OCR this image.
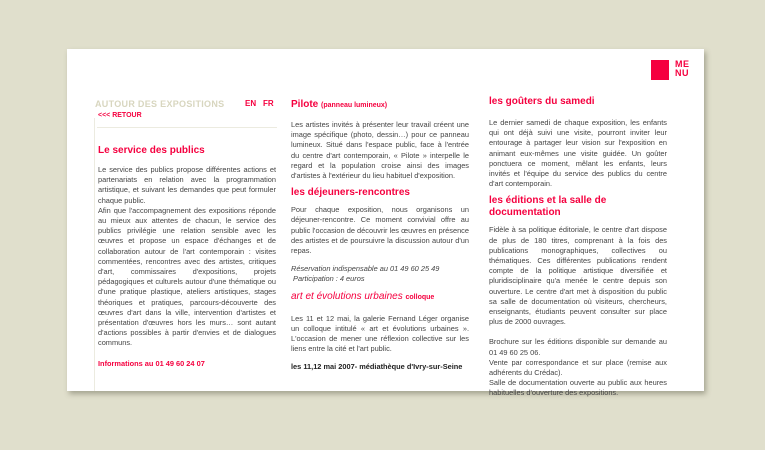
ME
NU
AUTOUR DES EXPOSITIONS	EN FR
<<< RETOUR

Le service des publics

Le service des publics propose différentes actions et partenariats en relation avec la programmation artistique, et suivant les demandes que peut formuler chaque public.

Afin que l'accompagnement des expositions réponde au mieux aux attentes de chacun, le service des publics privilégie une relation sensible avec les œuvres et propose un espace d'échanges et de collaboration autour de l'art contemporain : visites commentées, rencontres avec des artistes, critiques d'art, commissaires d'expositions, projets pédagogiques et culturels autour d'une thématique ou d'une pratique plastique, ateliers artistiques, stages théoriques et pratiques, parcours-découverte des œuvres d'art dans la ville, intervention d'artistes et présentation d'œuvres hors les murs… sont autant d'actions possibles à partir d'envies et de dialogues communs.

Informations au 01 49 60 24 07

Pilote (panneau lumineux)

Les artistes invités à présenter leur travail créent une image spécifique (photo, dessin…) pour ce panneau lumineux. Situé dans l'espace public, face à l'entrée du centre d'art contemporain, « Pilote » interpelle le regard et la population croise ainsi des images d'artistes à l'extérieur du lieu habituel d'exposition.

les déjeuners-rencontres

Pour chaque exposition, nous organisons un déjeuner-rencontre. Ce moment convivial offre au public l'occasion de découvrir les œuvres en présence des artistes et de poursuivre la discussion autour d'un repas.

Réservation indispensable au 01 49 60 25 49

Participation : 4 euros

art et évolutions urbaines colloque

Les 11 et 12 mai, la galerie Fernand Léger organise un colloque intitulé « art et évolutions urbaines ». L'occasion de mener une réflexion collective sur les liens entre la cité et l'art public.

les 11,12 mai 2007- médiathèque d'Ivry-sur-Seine

les goûters du samedi

Le dernier samedi de chaque exposition, les enfants qui ont déjà suivi une visite, pourront inviter leur entourage à partager leur vision sur l'exposition en animant eux-mêmes une visite guidée. Un goûter ponctuera ce moment, mêlant les enfants, leurs invités et l'équipe du service des publics du centre d'art contemporain.

les éditions et la salle de documentation

Fidèle à sa politique éditoriale, le centre d'art dispose de plus de 180 titres, comprenant à la fois des publications monographiques, collectives ou thématiques. Ces différentes publications rendent compte de la politique artistique diversifiée et pluridisciplinaire qu'a menée le centre depuis son ouverture. Le centre d'art met à disposition du public sa salle de documentation où visiteurs, chercheurs, enseignants, étudiants peuvent consulter sur place plus de 2000 ouvrages.

Brochure sur les éditions disponible sur demande au 01 49 60 25 06.

Vente par correspondance et sur place (remise aux adhérents du Crédac).

Salle de documentation ouverte au public aux heures habituelles d'ouverture des expositions.
